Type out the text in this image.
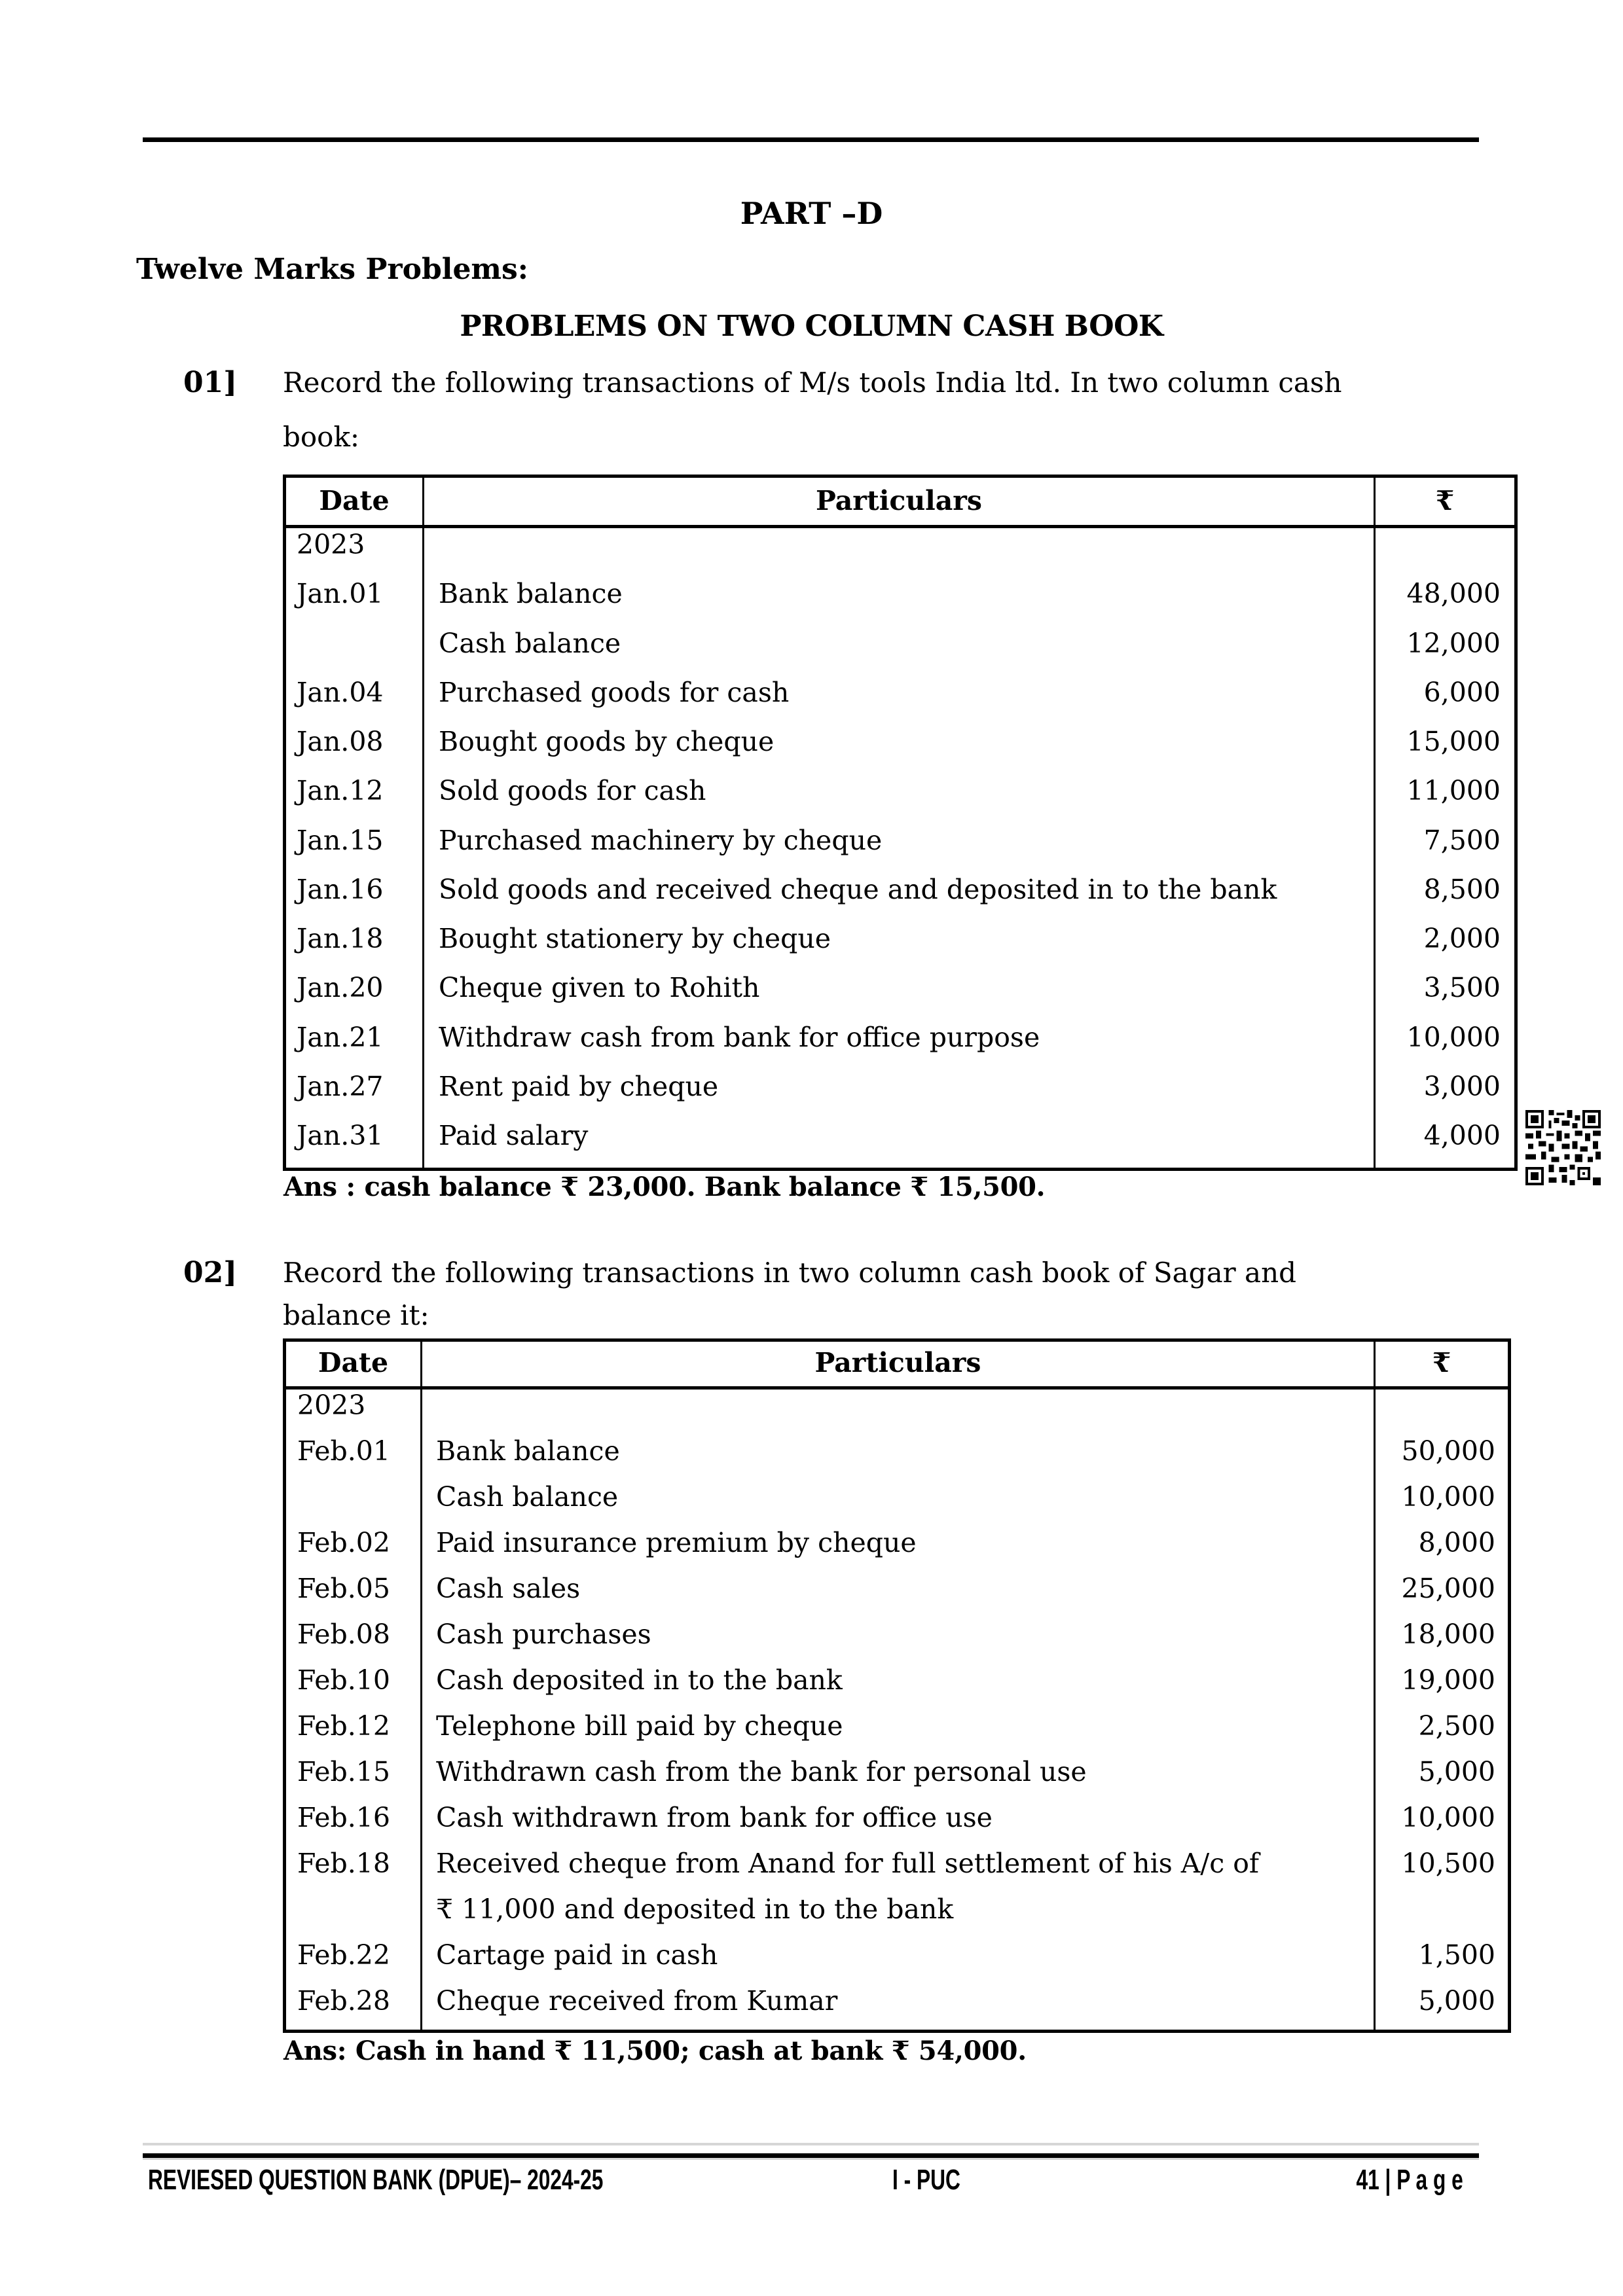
PART –D
Twelve Marks Problems:
PROBLEMS ON TWO COLUMN CASH BOOK
01] Record the following transactions of M/s tools India ltd. In two column cash
book:
Date	Particulars	₹
2023
Jan.01 Bank balance	48,000
Cash balance	12,000
Jan.04 Purchased goods for cash	6,000
Jan.08 Bought goods by cheque	15,000
Jan.12 Sold goods for cash	11,000
Jan.15 Purchased machinery by cheque	7,500
Jan.16 Sold goods and received cheque and deposited in to the bank	8,500
Jan.18 Bought stationery by cheque	2,000
Jan.20 Cheque given to Rohith	3,500
Jan.21 Withdraw cash from bank for office purpose	10,000
Jan.27 Rent paid by cheque	3,000
Jan.31 Paid salary	4,000
Ans : cash balance ₹ 23,000. Bank balance ₹ 15,500.
02] Record the following transactions in two column cash book of Sagar and
balance it:
Date	Particulars	₹
2023
Feb.01 Bank balance	50,000
Cash balance	10,000
Feb.02 Paid insurance premium by cheque	8,000
Feb.05 Cash sales	25,000
Feb.08 Cash purchases	18,000
Feb.10 Cash deposited in to the bank	19,000
Feb.12 Telephone bill paid by cheque	2,500
Feb.15 Withdrawn cash from the bank for personal use	5,000
Feb.16 Cash withdrawn from bank for office use	10,000
Feb.18 Received cheque from Anand for full settlement of his A/c of	10,500
₹ 11,000 and deposited in to the bank
Feb.22 Cartage paid in cash	1,500
Feb.28 Cheque received from Kumar	5,000
Ans: Cash in hand ₹ 11,500; cash at bank ₹ 54,000.
REVIESED QUESTION BANK (DPUE)– 2024-25	I - PUC	41 | P a g e
